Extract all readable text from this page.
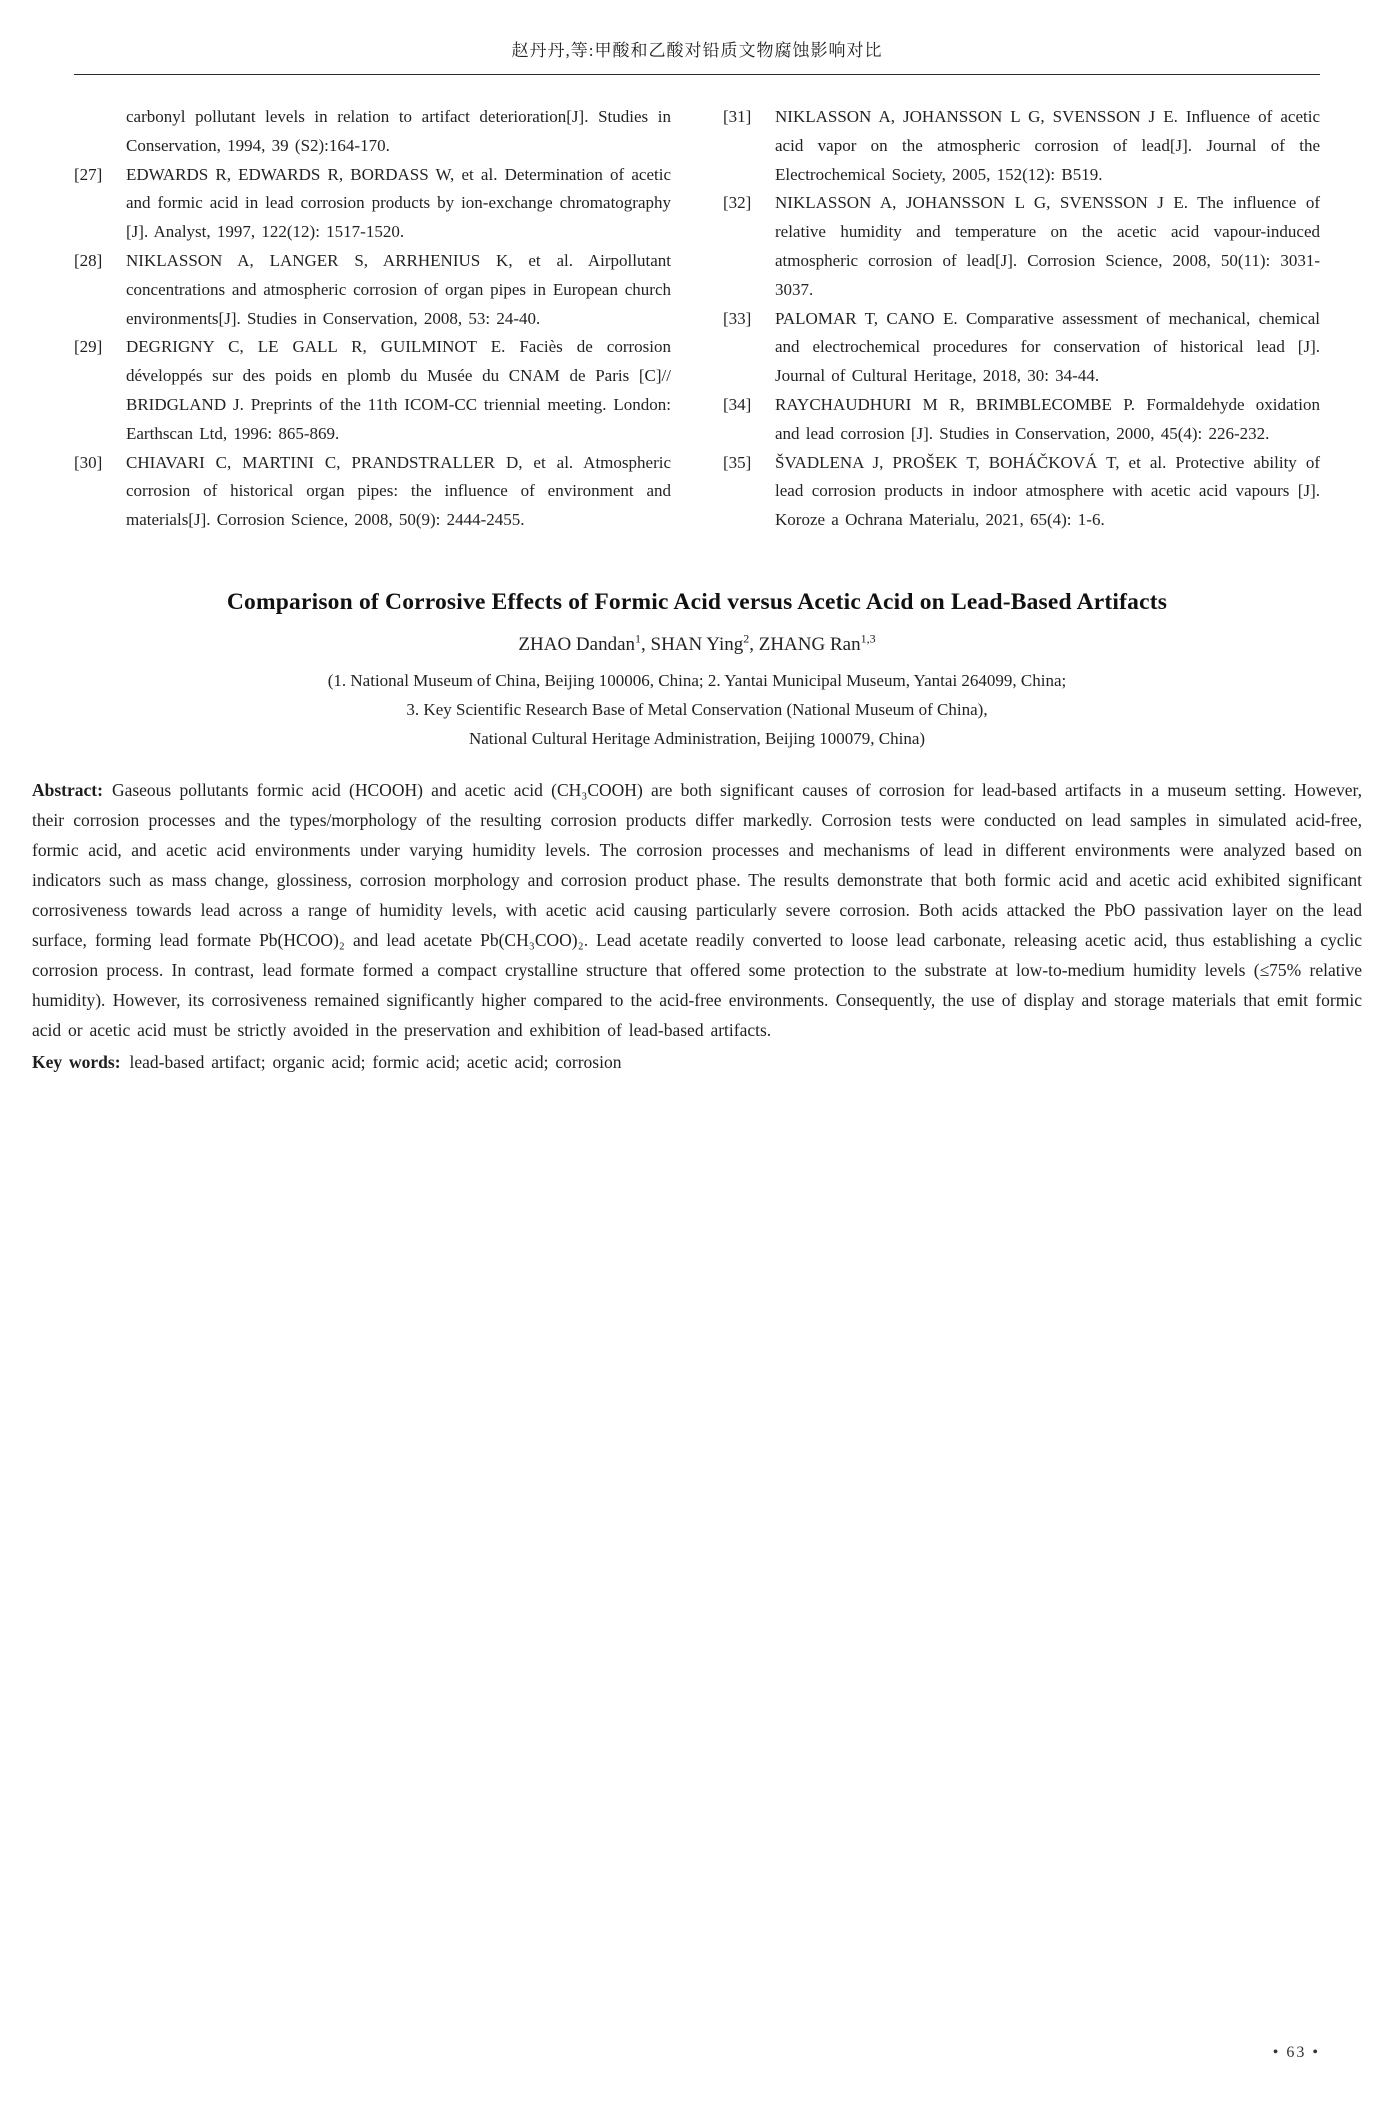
赵丹丹,等:甲酸和乙酸对铅质文物腐蚀影响对比
carbonyl pollutant levels in relation to artifact deterioration[J]. Studies in Conservation, 1994, 39 (S2):164-170.
[27]	EDWARDS R, EDWARDS R, BORDASS W, et al. Determination of acetic and formic acid in lead corrosion products by ion-exchange chromatography [J]. Analyst, 1997, 122(12): 1517-1520.
[28]	NIKLASSON A, LANGER S, ARRHENIUS K, et al. Airpollutant concentrations and atmospheric corrosion of organ pipes in European church environments[J]. Studies in Conservation, 2008, 53: 24-40.
[29]	DEGRIGNY C, LE GALL R, GUILMINOT E. Faciès de corrosion développés sur des poids en plomb du Musée du CNAM de Paris [C]// BRIDGLAND J. Preprints of the 11th ICOM-CC triennial meeting. London: Earthscan Ltd, 1996: 865-869.
[30]	CHIAVARI C, MARTINI C, PRANDSTRALLER D, et al. Atmospheric corrosion of historical organ pipes: the influence of environment and materials[J]. Corrosion Science, 2008, 50(9): 2444-2455.
[31]	NIKLASSON A, JOHANSSON L G, SVENSSON J E. Influence of acetic acid vapor on the atmospheric corrosion of lead[J]. Journal of the Electrochemical Society, 2005, 152(12): B519.
[32]	NIKLASSON A, JOHANSSON L G, SVENSSON J E. The influence of relative humidity and temperature on the acetic acid vapour-induced atmospheric corrosion of lead[J]. Corrosion Science, 2008, 50(11): 3031-3037.
[33]	PALOMAR T, CANO E. Comparative assessment of mechanical, chemical and electrochemical procedures for conservation of historical lead [J]. Journal of Cultural Heritage, 2018, 30: 34-44.
[34]	RAYCHAUDHURI M R, BRIMBLECOMBE P. Formaldehyde oxidation and lead corrosion [J]. Studies in Conservation, 2000, 45(4): 226-232.
[35]	ŠVADLENA J, PROŠEK T, BOHÁČKOVÁ T, et al. Protective ability of lead corrosion products in indoor atmosphere with acetic acid vapours [J]. Koroze a Ochrana Materialu, 2021, 65(4): 1-6.
Comparison of Corrosive Effects of Formic Acid versus Acetic Acid on Lead-Based Artifacts
ZHAO Dandan$^1$ , SHAN Ying$^2$ , ZHANG Ran$^{1,3}$
(1. National Museum of China, Beijing 100006, China; 2. Yantai Municipal Museum, Yantai 264099, China;
3. Key Scientific Research Base of Metal Conservation (National Museum of China),
National Cultural Heritage Administration, Beijing 100079, China)

Abstract: Gaseous pollutants formic acid (HCOOH) and acetic acid (CH₃COOH) are both significant causes of corrosion for lead-based artifacts in a museum setting. However, their corrosion processes and the types/morphology of the resulting corrosion products differ markedly. Corrosion tests were conducted on lead samples in simulated acid-free, formic acid, and acetic acid environments under varying humidity levels. The corrosion processes and mechanisms of lead in different environments were analyzed based on indicators such as mass change, glossiness, corrosion morphology and corrosion product phase. The results demonstrate that both formic acid and acetic acid exhibited significant corrosiveness towards lead across a range of humidity levels, with acetic acid causing particularly severe corrosion. Both acids attacked the PbO passivation layer on the lead surface, forming lead formate Pb(HCOO)₂ and lead acetate Pb(CH₃COO)₂. Lead acetate readily converted to loose lead carbonate, releasing acetic acid, thus establishing a cyclic corrosion process. In contrast, lead formate formed a compact crystalline structure that offered some protection to the substrate at low-to-medium humidity levels (≤75% relative humidity). However, its corrosiveness remained significantly higher compared to the acid-free environments. Consequently, the use of display and storage materials that emit formic acid or acetic acid must be strictly avoided in the preservation and exhibition of lead-based artifacts.

Key words: lead-based artifact; organic acid; formic acid; acetic acid; corrosion

• 63 •
